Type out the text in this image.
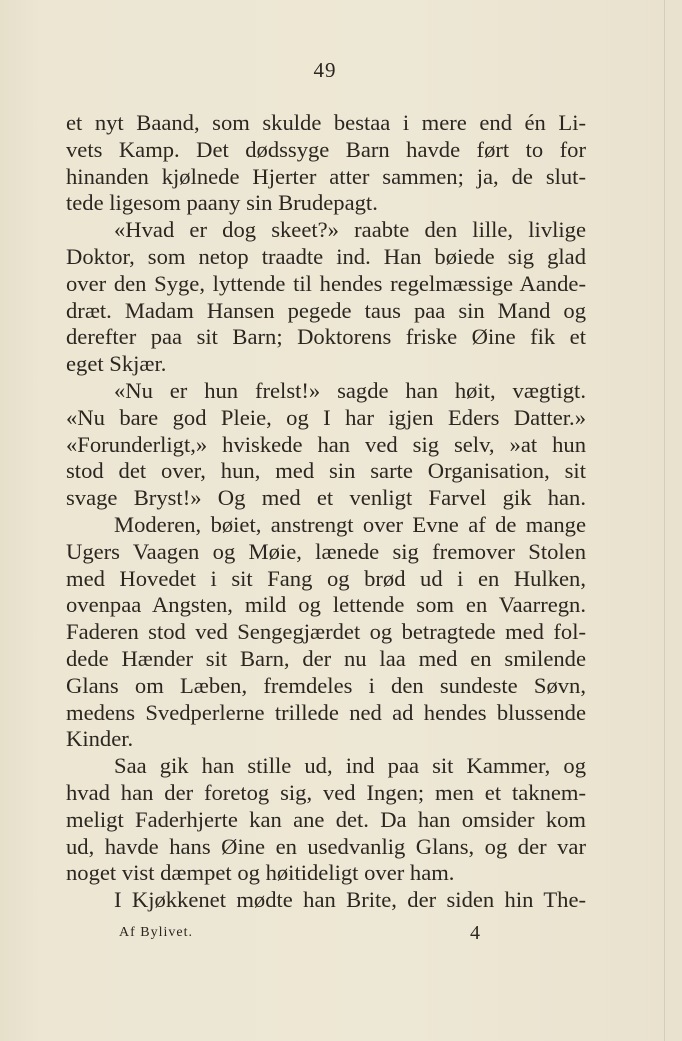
49
et nyt Baand, som skulde bestaa i mere end én Li-
vets Kamp. Det dødssyge Barn havde ført to for
hinanden kjølnede Hjerter atter sammen; ja, de slut-
tede ligesom paany sin Brudepagt.
«Hvad er dog skeet?» raabte den lille, livlige
Doktor, som netop traadte ind. Han bøiede sig glad
over den Syge, lyttende til hendes regelmæssige Aande-
dræt. Madam Hansen pegede taus paa sin Mand og
derefter paa sit Barn; Doktorens friske Øine fik et
eget Skjær.
«Nu er hun frelst!» sagde han høit, vægtigt.
«Nu bare god Pleie, og I har igjen Eders Datter.»
«Forunderligt,» hviskede han ved sig selv, »at hun
stod det over, hun, med sin sarte Organisation, sit
svage Bryst!» Og med et venligt Farvel gik han.
Moderen, bøiet, anstrengt over Evne af de mange
Ugers Vaagen og Møie, lænede sig fremover Stolen
med Hovedet i sit Fang og brød ud i en Hulken,
ovenpaa Angsten, mild og lettende som en Vaarregn.
Faderen stod ved Sengegjærdet og betragtede med fol-
dede Hænder sit Barn, der nu laa med en smilende
Glans om Læben, fremdeles i den sundeste Søvn,
medens Svedperlerne trillede ned ad hendes blussende
Kinder.
Saa gik han stille ud, ind paa sit Kammer, og
hvad han der foretog sig, ved Ingen; men et taknem-
meligt Faderhjerte kan ane det. Da han omsider kom
ud, havde hans Øine en usedvanlig Glans, og der var
noget vist dæmpet og høitideligt over ham.
I Kjøkkenet mødte han Brite, der siden hin The-
Af Bylivet.	4
